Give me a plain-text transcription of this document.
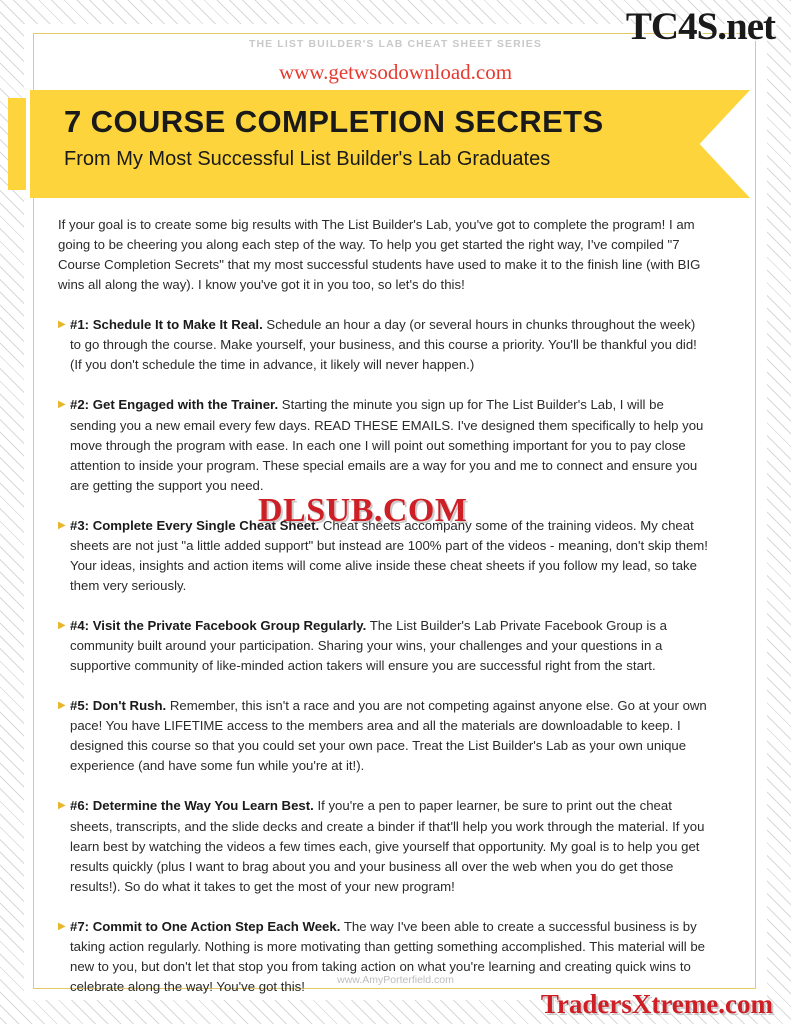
THE LIST BUILDER'S LAB CHEAT SHEET SERIES
www.getwsodownload.com
TC4S.net
7 COURSE COMPLETION SECRETS
From My Most Successful List Builder's Lab Graduates

If your goal is to create some big results with The List Builder's Lab, you've got to complete the program! I am going to be cheering you along each step of the way. To help you get started the right way, I've compiled "7 Course Completion Secrets" that my most successful students have used to make it to the finish line (with BIG wins all along the way). I know you've got it in you too, so let's do this!

▶ #1: Schedule It to Make It Real. Schedule an hour a day (or several hours in chunks throughout the week) to go through the course. Make yourself, your business, and this course a priority. You'll be thankful you did! (If you don't schedule the time in advance, it likely will never happen.)

▶ #2: Get Engaged with the Trainer. Starting the minute you sign up for The List Builder's Lab, I will be sending you a new email every few days. READ THESE EMAILS. I've designed them specifically to help you move through the program with ease. In each one I will point out something important for you to pay close attention to inside your program. These special emails are a way for you and me to connect and ensure you are getting the support you need.

▶ #3: Complete Every Single Cheat Sheet. Cheat sheets accompany some of the training videos. My cheat sheets are not just "a little added support" but instead are 100% part of the videos - meaning, don't skip them! Your ideas, insights and action items will come alive inside these cheat sheets if you follow my lead, so take them very seriously.

▶ #4: Visit the Private Facebook Group Regularly. The List Builder's Lab Private Facebook Group is a community built around your participation. Sharing your wins, your challenges and your questions in a supportive community of like-minded action takers will ensure you are successful right from the start.

▶ #5: Don't Rush. Remember, this isn't a race and you are not competing against anyone else. Go at your own pace! You have LIFETIME access to the members area and all the materials are downloadable to keep. I designed this course so that you could set your own pace. Treat the List Builder's Lab as your own unique experience (and have some fun while you're at it!).

▶ #6: Determine the Way You Learn Best. If you're a pen to paper learner, be sure to print out the cheat sheets, transcripts, and the slide decks and create a binder if that'll help you work through the material. If you learn best by watching the videos a few times each, give yourself that opportunity. My goal is to help you get results quickly (plus I want to brag about you and your business all over the web when you do get those results!). So do what it takes to get the most of your new program!

▶ #7: Commit to One Action Step Each Week. The way I've been able to create a successful business is by taking action regularly. Nothing is more motivating than getting something accomplished. This material will be new to you, but don't let that stop you from taking action on what you're learning and creating quick wins to celebrate along the way! You've got this!

DLSUB.COM
www.AmyPorterfield.com
TradersXtreme.com
